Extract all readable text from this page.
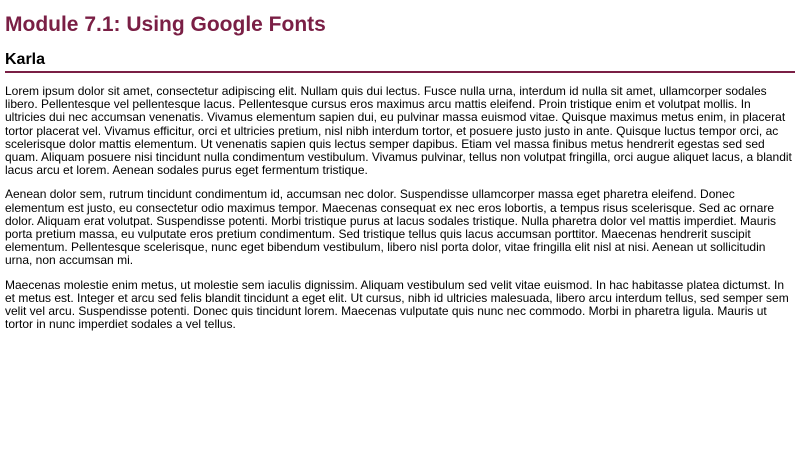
Module 7.1: Using Google Fonts
Karla

Lorem ipsum dolor sit amet, consectetur adipiscing elit. Nullam quis dui lectus. Fusce nulla urna, interdum id nulla sit amet, ullamcorper sodales libero. Pellentesque vel pellentesque lacus. Pellentesque cursus eros maximus arcu mattis eleifend. Proin tristique enim et volutpat mollis. In ultricies dui nec accumsan venenatis. Vivamus elementum sapien dui, eu pulvinar massa euismod vitae. Quisque maximus metus enim, in placerat tortor placerat vel. Vivamus efficitur, orci et ultricies pretium, nisl nibh interdum tortor, et posuere justo justo in ante. Quisque luctus tempor orci, ac scelerisque dolor mattis elementum. Ut venenatis sapien quis lectus semper dapibus. Etiam vel massa finibus metus hendrerit egestas sed sed quam. Aliquam posuere nisi tincidunt nulla condimentum vestibulum. Vivamus pulvinar, tellus non volutpat fringilla, orci augue aliquet lacus, a blandit lacus arcu et lorem. Aenean sodales purus eget fermentum tristique.

Aenean dolor sem, rutrum tincidunt condimentum id, accumsan nec dolor. Suspendisse ullamcorper massa eget pharetra eleifend. Donec elementum est justo, eu consectetur odio maximus tempor. Maecenas consequat ex nec eros lobortis, a tempus risus scelerisque. Sed ac ornare dolor. Aliquam erat volutpat. Suspendisse potenti. Morbi tristique purus at lacus sodales tristique. Nulla pharetra dolor vel mattis imperdiet. Mauris porta pretium massa, eu vulputate eros pretium condimentum. Sed tristique tellus quis lacus accumsan porttitor. Maecenas hendrerit suscipit elementum. Pellentesque scelerisque, nunc eget bibendum vestibulum, libero nisl porta dolor, vitae fringilla elit nisl at nisi. Aenean ut sollicitudin urna, non accumsan mi.

Maecenas molestie enim metus, ut molestie sem iaculis dignissim. Aliquam vestibulum sed velit vitae euismod. In hac habitasse platea dictumst. In et metus est. Integer et arcu sed felis blandit tincidunt a eget elit. Ut cursus, nibh id ultricies malesuada, libero arcu interdum tellus, sed semper sem velit vel arcu. Suspendisse potenti. Donec quis tincidunt lorem. Maecenas vulputate quis nunc nec commodo. Morbi in pharetra ligula. Mauris ut tortor in nunc imperdiet sodales a vel tellus.
